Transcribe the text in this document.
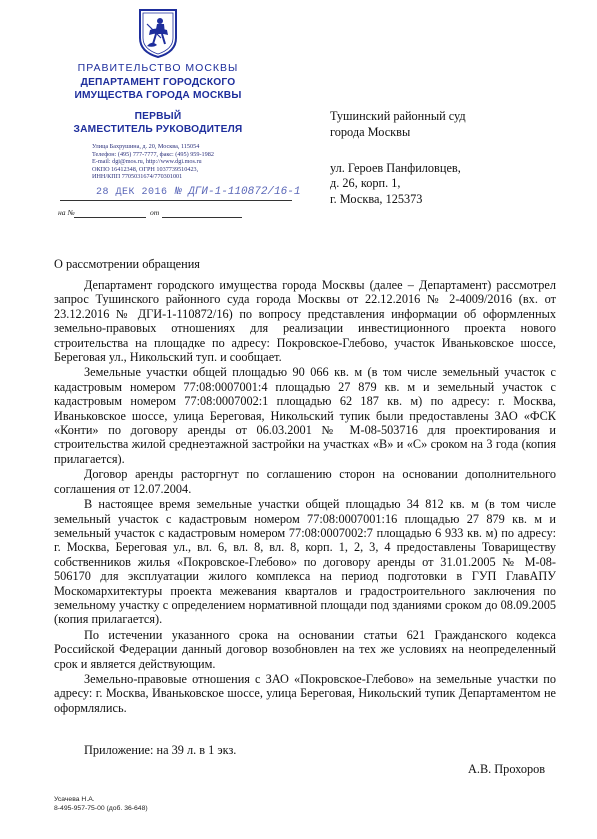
ПРАВИТЕЛЬСТВО МОСКВЫ
ДЕПАРТАМЕНТ ГОРОДСКОГО
ИМУЩЕСТВА ГОРОДА МОСКВЫ
ПЕРВЫЙ
ЗАМЕСТИТЕЛЬ РУКОВОДИТЕЛЯ
Улица Бахрушина, д. 20, Москва, 115054
Телефон: (495) 777-7777, факс: (495) 959-1982
E-mail: dgi@mos.ru, http://www.dgi.mos.ru
ОКПО 16412348, ОГРН 1037739510423,
ИНН/КПП 7705031674/770301001
28 ДЕК 2016 № ДГИ-1-110872/16-1
на №	от
Тушинский районный суд
города Москвы
ул. Героев Панфиловцев,
д. 26, корп. 1,
г. Москва, 125373
О рассмотрении обращения

Департамент городского имущества города Москвы (далее – Департамент) рассмотрел запрос Тушинского районного суда города Москвы от 22.12.2016 № 2-4009/2016 (вх. от 23.12.2016 № ДГИ-1-110872/16) по вопросу представления информации об оформленных земельно-правовых отношениях для реализации инвестиционного проекта нового строительства на площадке по адресу: Покровское-Глебово, участок Иваньковское шоссе, Береговая ул., Никольский туп. и сообщает.

Земельные участки общей площадью 90 066 кв. м (в том числе земельный участок с кадастровым номером 77:08:0007001:4 площадью 27 879 кв. м и земельный участок с кадастровым номером 77:08:0007002:1 площадью 62 187 кв. м) по адресу: г. Москва, Иваньковское шоссе, улица Береговая, Никольский тупик были предоставлены ЗАО «ФСК «Конти» по договору аренды от 06.03.2001 № М-08-503716 для проектирования и строительства жилой среднеэтажной застройки на участках «В» и «С» сроком на 3 года (копия прилагается).

Договор аренды расторгнут по соглашению сторон на основании дополнительного соглашения от 12.07.2004.

В настоящее время земельные участки общей площадью 34 812 кв. м (в том числе земельный участок с кадастровым номером 77:08:0007001:16 площадью 27 879 кв. м и земельный участок с кадастровым номером 77:08:0007002:7 площадью 6 933 кв. м) по адресу: г. Москва, Береговая ул., вл. 6, вл. 8, вл. 8, корп. 1, 2, 3, 4 предоставлены Товариществу собственников жилья «Покровское-Глебово» по договору аренды от 31.01.2005 № М-08-506170 для эксплуатации жилого комплекса на период подготовки в ГУП ГлавАПУ Москомархитектуры проекта межевания кварталов и градостроительного заключения по земельному участку с определением нормативной площади под зданиями сроком до 08.09.2005 (копия прилагается).

По истечении указанного срока на основании статьи 621 Гражданского кодекса Российской Федерации данный договор возобновлен на тех же условиях на неопределенный срок и является действующим.

Земельно-правовые отношения с ЗАО «Покровское-Глебово» на земельные участки по адресу: г. Москва, Иваньковское шоссе, улица Береговая, Никольский тупик Департаментом не оформлялись.

Приложение: на 39 л. в 1 экз.
А.В. Прохоров
Усачева Н.А.
8-495-957-75-00 (доб. 36-648)
